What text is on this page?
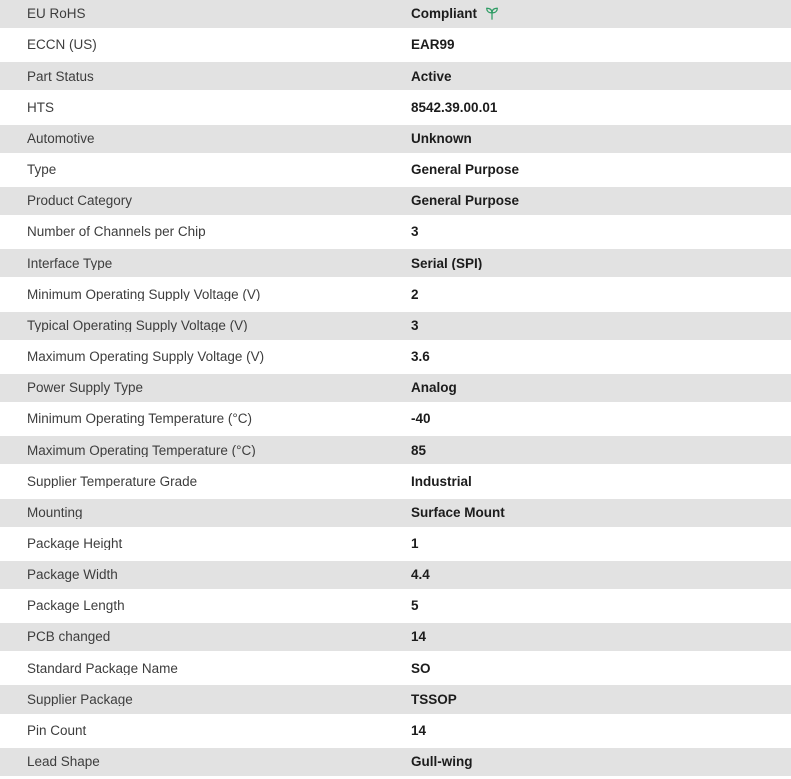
EU RoHS	Compliant
ECCN (US)	EAR99
Part Status	Active
HTS	8542.39.00.01
Automotive	Unknown
Type	General Purpose
Product Category	General Purpose
Number of Channels per Chip	3
Interface Type	Serial (SPI)
Minimum Operating Supply Voltage (V)	2
Typical Operating Supply Voltage (V)	3
Maximum Operating Supply Voltage (V)	3.6
Power Supply Type	Analog
Minimum Operating Temperature (°C)	-40
Maximum Operating Temperature (°C)	85
Supplier Temperature Grade	Industrial
Mounting	Surface Mount
Package Height	1
Package Width	4.4
Package Length	5
PCB changed	14
Standard Package Name	SO
Supplier Package	TSSOP
Pin Count	14
Lead Shape	Gull-wing
